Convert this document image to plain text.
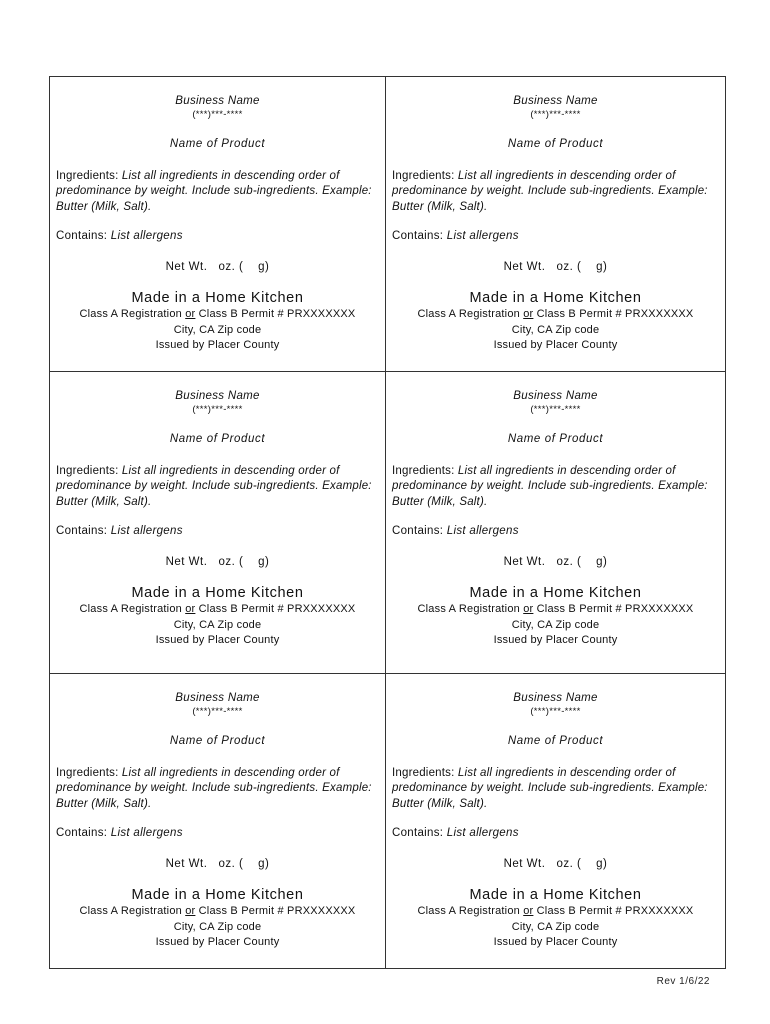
Business Name
(***)***-****
Name of Product
Ingredients: List all ingredients in descending order of predominance by weight. Include sub-ingredients. Example: Butter (Milk, Salt).
Contains: List allergens
Net Wt.   oz. (    g)
Made in a Home Kitchen
Class A Registration or Class B Permit # PRXXXXXXX
City, CA Zip code
Issued by Placer County
Business Name
(***)***-****
Name of Product
Ingredients: List all ingredients in descending order of predominance by weight. Include sub-ingredients. Example: Butter (Milk, Salt).
Contains: List allergens
Net Wt.   oz. (    g)
Made in a Home Kitchen
Class A Registration or Class B Permit # PRXXXXXXX
City, CA Zip code
Issued by Placer County
Business Name
(***)***-****
Name of Product
Ingredients: List all ingredients in descending order of predominance by weight. Include sub-ingredients. Example: Butter (Milk, Salt).
Contains: List allergens
Net Wt.   oz. (    g)
Made in a Home Kitchen
Class A Registration or Class B Permit # PRXXXXXXX
City, CA Zip code
Issued by Placer County
Business Name
(***)***-****
Name of Product
Ingredients: List all ingredients in descending order of predominance by weight. Include sub-ingredients. Example: Butter (Milk, Salt).
Contains: List allergens
Net Wt.   oz. (    g)
Made in a Home Kitchen
Class A Registration or Class B Permit # PRXXXXXXX
City, CA Zip code
Issued by Placer County
Business Name
(***)***-****
Name of Product
Ingredients: List all ingredients in descending order of predominance by weight. Include sub-ingredients. Example: Butter (Milk, Salt).
Contains: List allergens
Net Wt.   oz. (    g)
Made in a Home Kitchen
Class A Registration or Class B Permit # PRXXXXXXX
City, CA Zip code
Issued by Placer County
Business Name
(***)***-****
Name of Product
Ingredients: List all ingredients in descending order of predominance by weight. Include sub-ingredients. Example: Butter (Milk, Salt).
Contains: List allergens
Net Wt.   oz. (    g)
Made in a Home Kitchen
Class A Registration or Class B Permit # PRXXXXXXX
City, CA Zip code
Issued by Placer County
Rev 1/6/22
